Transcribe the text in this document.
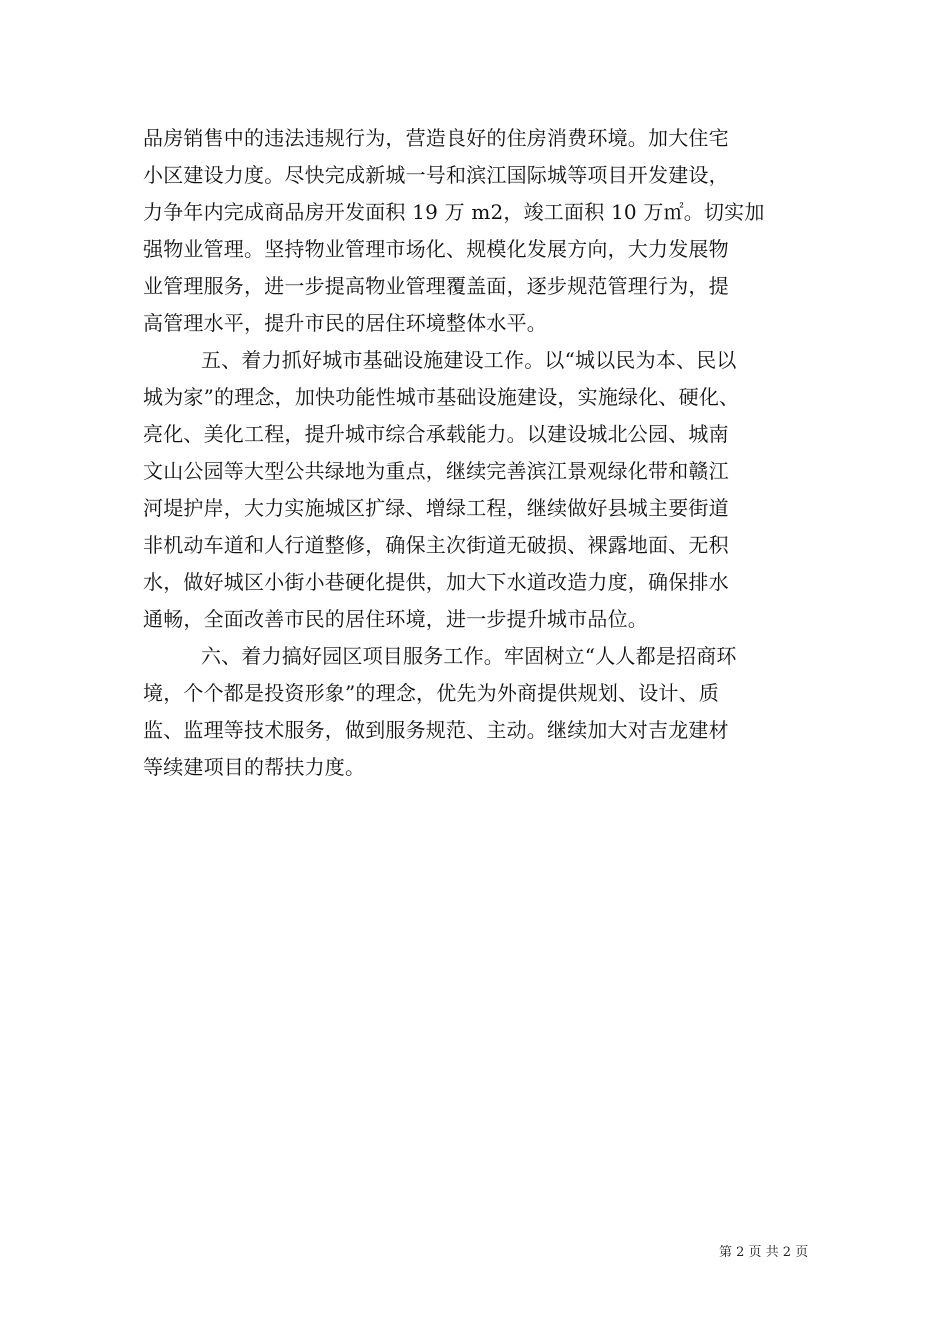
品房销售中的违法违规行为，营造良好的住房消费环境。加大住宅
小区建设力度。尽快完成新城一号和滨江国际城等项目开发建设，
力争年内完成商品房开发面积 19 万 m2，竣工面积 10 万㎡。切实加
强物业管理。坚持物业管理市场化、规模化发展方向，大力发展物
业管理服务，进一步提高物业管理覆盖面，逐步规范管理行为，提
高管理水平，提升市民的居住环境整体水平。
五、着力抓好城市基础设施建设工作。以“城以民为本、民以
城为家”的理念，加快功能性城市基础设施建设，实施绿化、硬化、
亮化、美化工程，提升城市综合承载能力。以建设城北公园、城南
文山公园等大型公共绿地为重点，继续完善滨江景观绿化带和赣江
河堤护岸，大力实施城区扩绿、增绿工程，继续做好县城主要街道
非机动车道和人行道整修，确保主次街道无破损、裸露地面、无积
水，做好城区小街小巷硬化提供，加大下水道改造力度，确保排水
通畅，全面改善市民的居住环境，进一步提升城市品位。
六、着力搞好园区项目服务工作。牢固树立“人人都是招商环
境，个个都是投资形象”的理念，优先为外商提供规划、设计、质
监、监理等技术服务，做到服务规范、主动。继续加大对吉龙建材
等续建项目的帮扶力度。
第 2 页 共 2 页
